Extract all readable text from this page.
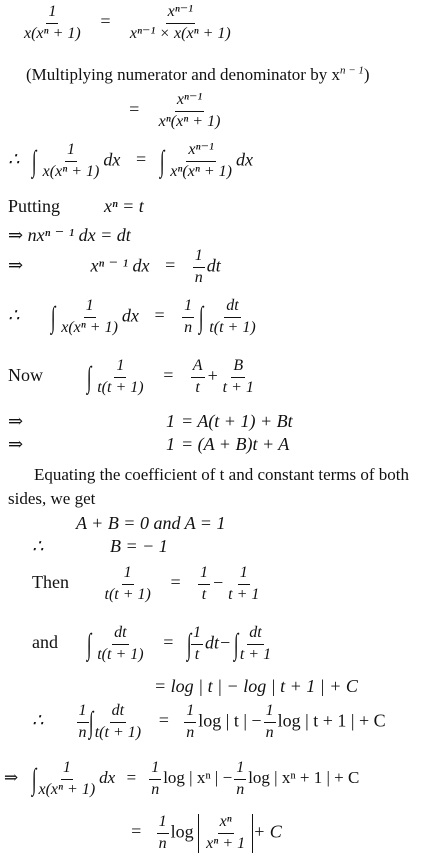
$\frac{1}{\text{x(xⁿ + 1)}} = \frac{\text{xⁿ⁻¹}}{\text{xⁿ⁻¹ × x(xⁿ + 1)}}$
(Multiplying numerator and denominator by $x^{n - 1}$)
= $\frac{\text{xⁿ⁻¹}}{\text{xⁿ(xⁿ + 1)}}$
∴ ∫ $\frac{1}{\text{x(xⁿ + 1)}}$ dx = ∫ $\frac{\text{xⁿ⁻¹}}{\text{xⁿ(xⁿ + 1)}}$ dx
Putting xⁿ = t
⇒ nxⁿ ⁻ ¹ dx = dt
⇒	xⁿ ⁻ ¹ dx = $\frac{1}{n}$ dt
∴ ∫ $\frac{1}{\text{x(xⁿ + 1)}}$ dx = $\frac{1}{n}$ ∫ $\frac{dt}{t(t + 1)}$
Now ∫ $\frac{1}{t(t + 1)} = \frac{A}{t} + \frac{B}{t + 1}$
⇒	1 = A(t + 1) + Bt
⇒	1 = (A + B)t + A
Equating the coefficient of t and constant terms of both
sides, we get
A + B = 0 and A = 1
∴	B = − 1
Then $\frac{1}{t(t + 1)} = \frac{1}{t} - \frac{1}{t + 1}$
and ∫ $\frac{dt}{t(t + 1)}$ = ∫ $\frac{1}{t} dt-$ ∫ $\frac{dt}{t + 1}$
= log | t | − log | t + 1 | + C
∴ $\frac{1}{n}$ ∫ $\frac{dt}{t(t + 1)} = \frac{1}{n}$ log | t | − $\frac{1}{n}$ log | t + 1 | + C
⇒ ∫ $\frac{1}{\text{x(xⁿ + 1)}}$ dx = $\frac{1}{n}$ log | xⁿ | − $\frac{1}{n}$ log | xⁿ + 1 | + C
= $\frac{1}{n}$ $\log \frac{\text{xⁿ}}{\text{xⁿ + 1}} + C$
